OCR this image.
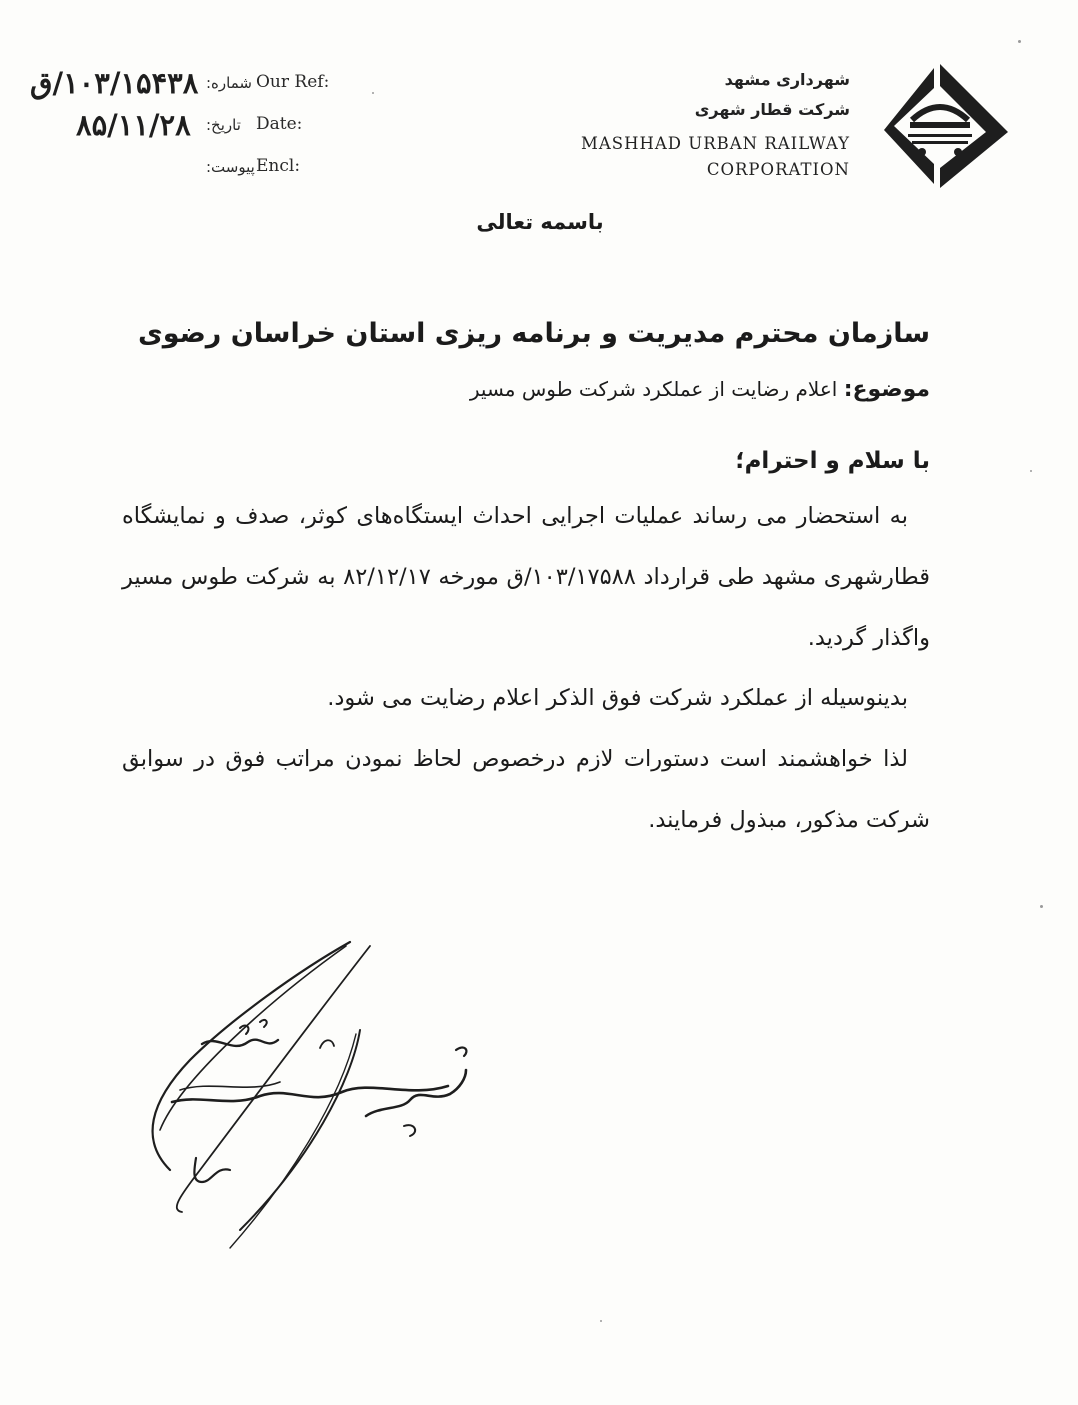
۱۰۳/۱۵۴۳۸/ق شماره: Our Ref:
۸۵/۱۱/۲۸ تاریخ: Date:
پیوست: Encl:
شهرداری مشهد
شرکت قطار شهری
MASHHAD URBAN RAILWAY
CORPORATION
باسمه تعالی
سازمان محترم مدیریت و برنامه ریزی استان خراسان رضوی
موضوع: اعلام رضایت از عملکرد شرکت طوس مسیر
با سلام و احترام؛

به استحضار می رساند عملیات اجرایی احداث ایستگاه‌های کوثر، صدف و نمایشگاه قطارشهری مشهد طی قرارداد ۱۰۳/۱۷۵۸۸/ق مورخه ۸۲/۱۲/۱۷ به شرکت طوس مسیر واگذار گردید.

بدینوسیله از عملکرد شرکت فوق الذکر اعلام رضایت می شود.

لذا خواهشمند است دستورات لازم درخصوص لحاظ نمودن مراتب فوق در سوابق شرکت مذکور، مبذول فرمایند.
